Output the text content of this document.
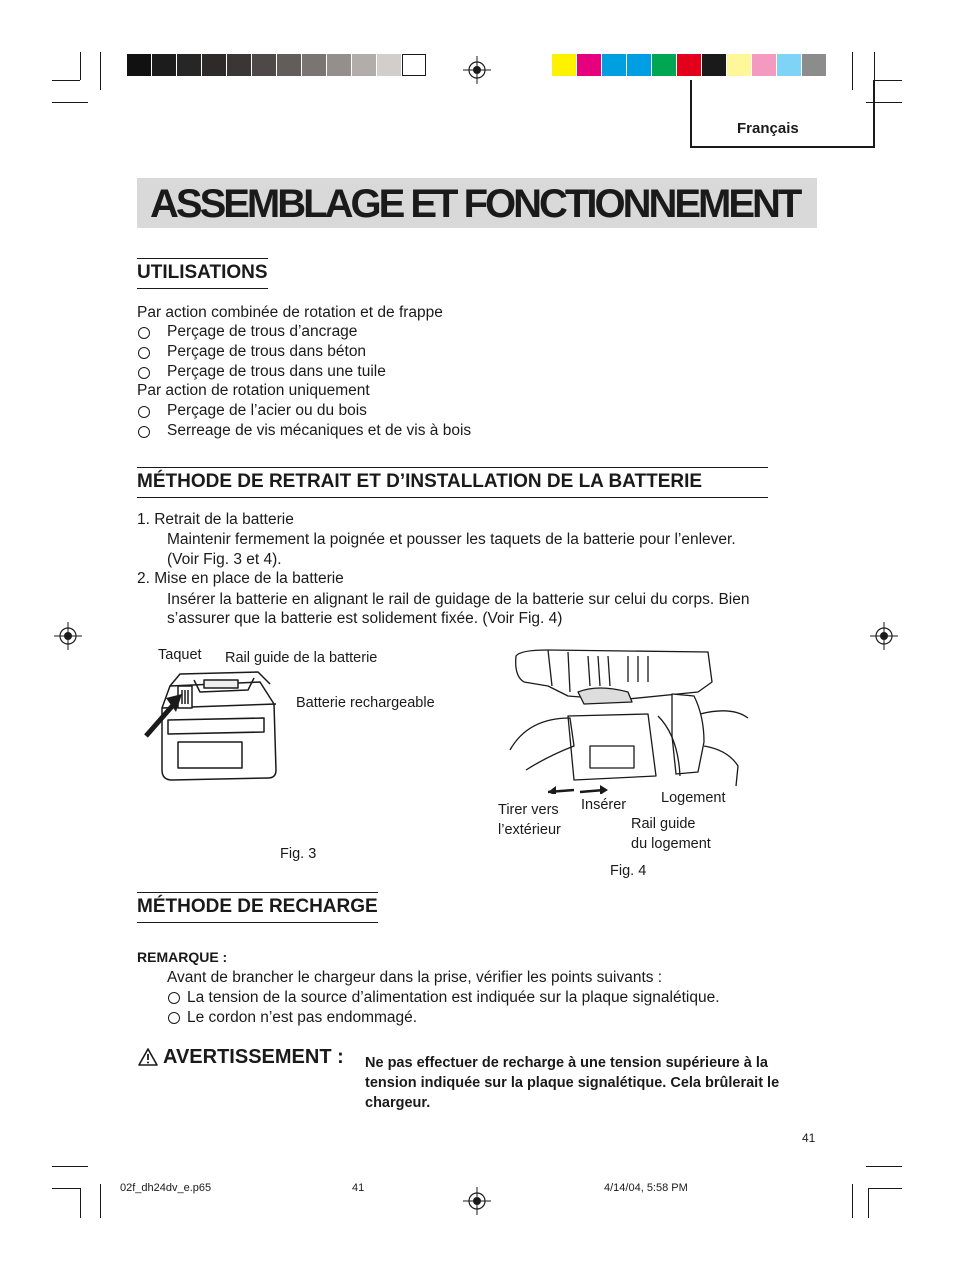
Français
ASSEMBLAGE ET FONCTIONNEMENT
UTILISATIONS
Par action combinée de rotation et de frappe
Perçage de trous d’ancrage
Perçage de trous dans béton
Perçage de trous dans une tuile
Par action de rotation uniquement
Perçage de l’acier ou du bois
Serreage de vis mécaniques et de vis à bois
MÉTHODE DE RETRAIT ET D’INSTALLATION DE LA BATTERIE
1. Retrait de la batterie
Maintenir fermement la poignée et pousser les taquets de la batterie pour l’enlever.
(Voir Fig. 3 et 4).
2. Mise en place de la batterie
Insérer la batterie en alignant le rail de guidage de la batterie sur celui du corps. Bien
s’assurer que la batterie est solidement fixée. (Voir Fig. 4)
Taquet Rail guide de la batterie
Batterie rechargeable
Fig. 3
Tirer vers
l’extérieur
Insérer Logement
Rail guide
du logement
Fig. 4
MÉTHODE DE RECHARGE
REMARQUE :
Avant de brancher le chargeur dans la prise, vérifier les points suivants :
La tension de la source d’alimentation est indiquée sur la plaque signalétique.
Le cordon n’est pas endommagé.
AVERTISSEMENT : Ne pas effectuer de recharge à une tension supérieure à la tension indiquée sur la plaque signalétique. Cela brûlerait le chargeur.
41
02f_dh24dv_e.p65	41	4/14/04, 5:58 PM
